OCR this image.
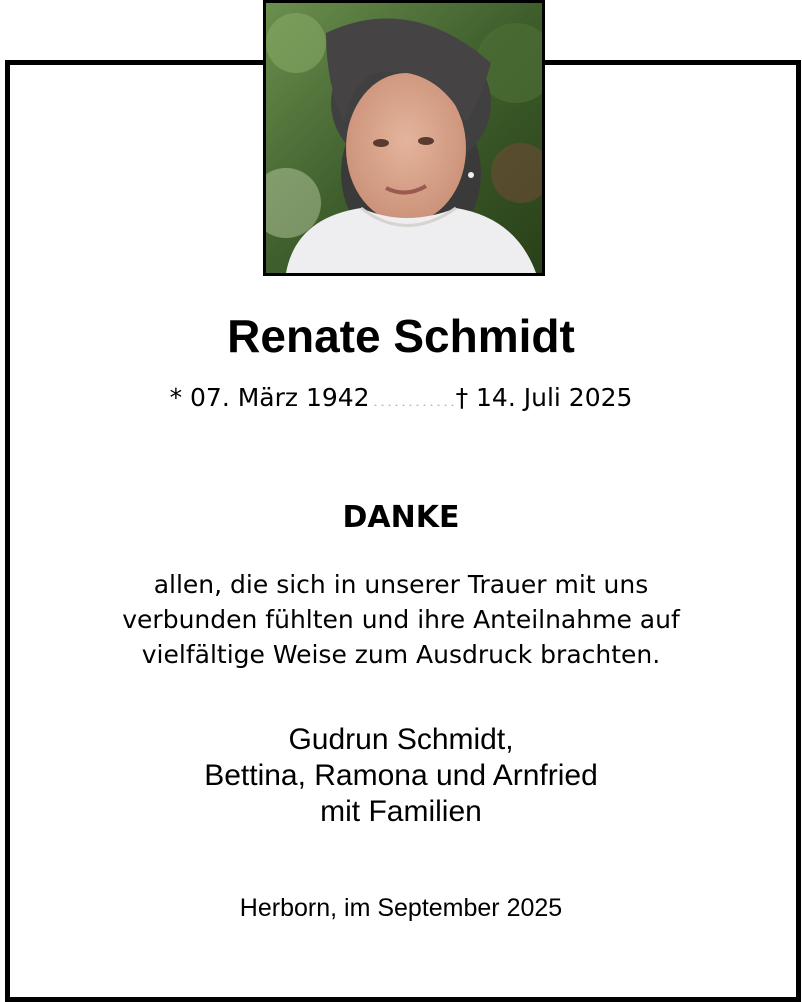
Renate Schmidt
* 07. März 1942	† 14. Juli 2025
DANKE
allen, die sich in unserer Trauer mit uns
verbunden fühlten und ihre Anteilnahme auf
vielfältige Weise zum Ausdruck brachten.
Gudrun Schmidt,
Bettina, Ramona und Arnfried
mit Familien
Herborn, im September 2025
